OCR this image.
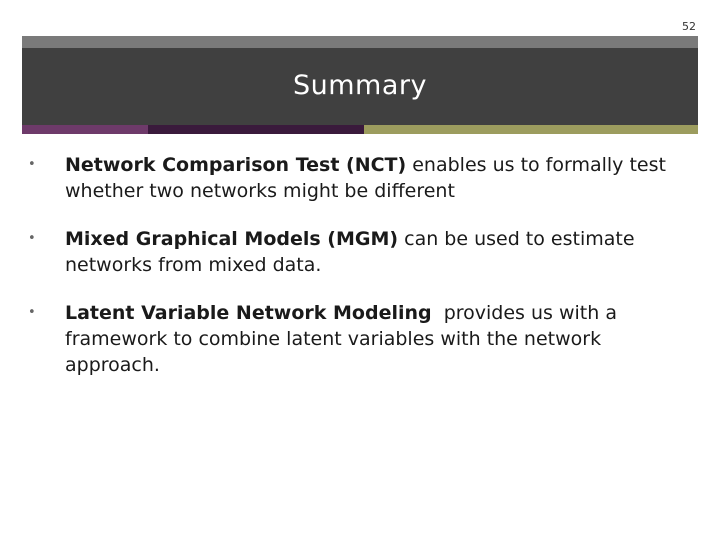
52
Summary
• Network Comparison Test (NCT) enables us to formally test whether two networks might be different
• Mixed Graphical Models (MGM) can be used to estimate networks from mixed data.
• Latent Variable Network Modeling  provides us with a framework to combine latent variables with the network approach.
